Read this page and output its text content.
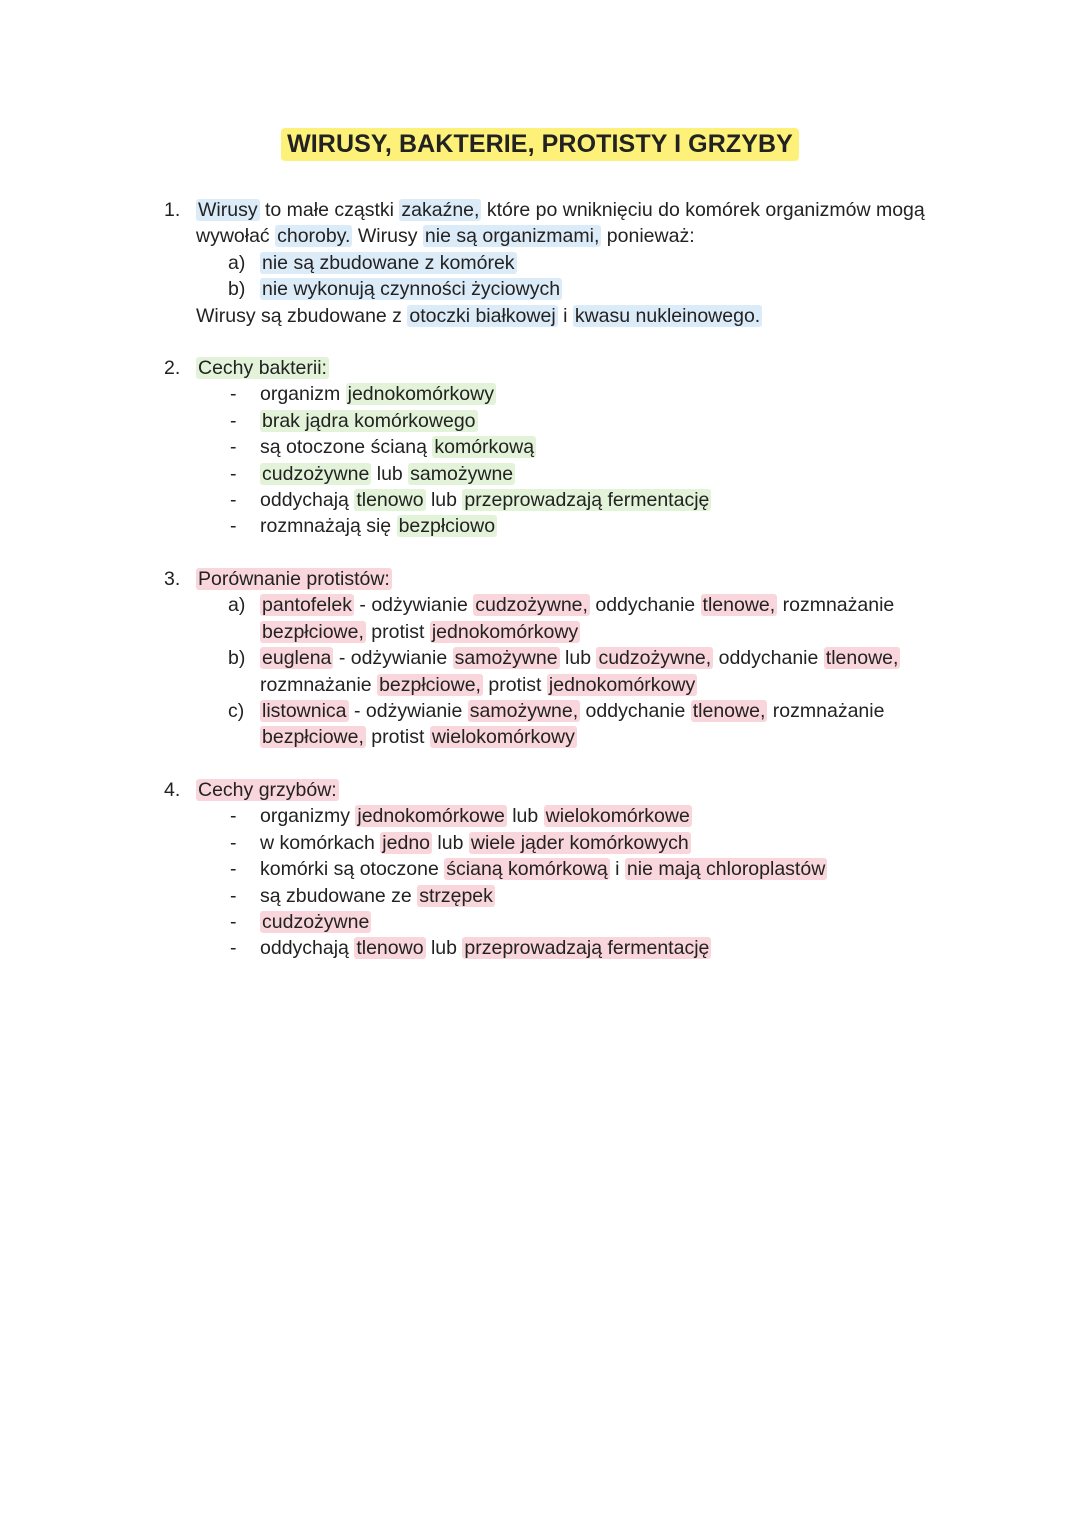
WIRUSY, BAKTERIE, PROTISTY I GRZYBY
1. Wirusy to małe cząstki zakaźne, które po wniknięciu do komórek organizmów mogą
wywołać choroby. Wirusy nie są organizmami, ponieważ:
a) nie są zbudowane z komórek
b) nie wykonują czynności życiowych
Wirusy są zbudowane z otoczki białkowej i kwasu nukleinowego.
2. Cechy bakterii:
- organizm jednokomórkowy
- brak jądra komórkowego
- są otoczone ścianą komórkową
- cudzożywne lub samożywne
- oddychają tlenowo lub przeprowadzają fermentację
- rozmnażają się bezpłciowo
3. Porównanie protistów:
a) pantofelek - odżywianie cudzożywne, oddychanie tlenowe, rozmnażanie
bezpłciowe, protist jednokomórkowy
b) euglena - odżywianie samożywne lub cudzożywne, oddychanie tlenowe,
rozmnażanie bezpłciowe, protist jednokomórkowy
c) listownica - odżywianie samożywne, oddychanie tlenowe, rozmnażanie
bezpłciowe, protist wielokomórkowy
4. Cechy grzybów:
- organizmy jednokomórkowe lub wielokomórkowe
- w komórkach jedno lub wiele jąder komórkowych
- komórki są otoczone ścianą komórkową i nie mają chloroplastów
- są zbudowane ze strzępek
- cudzożywne
- oddychają tlenowo lub przeprowadzają fermentację
